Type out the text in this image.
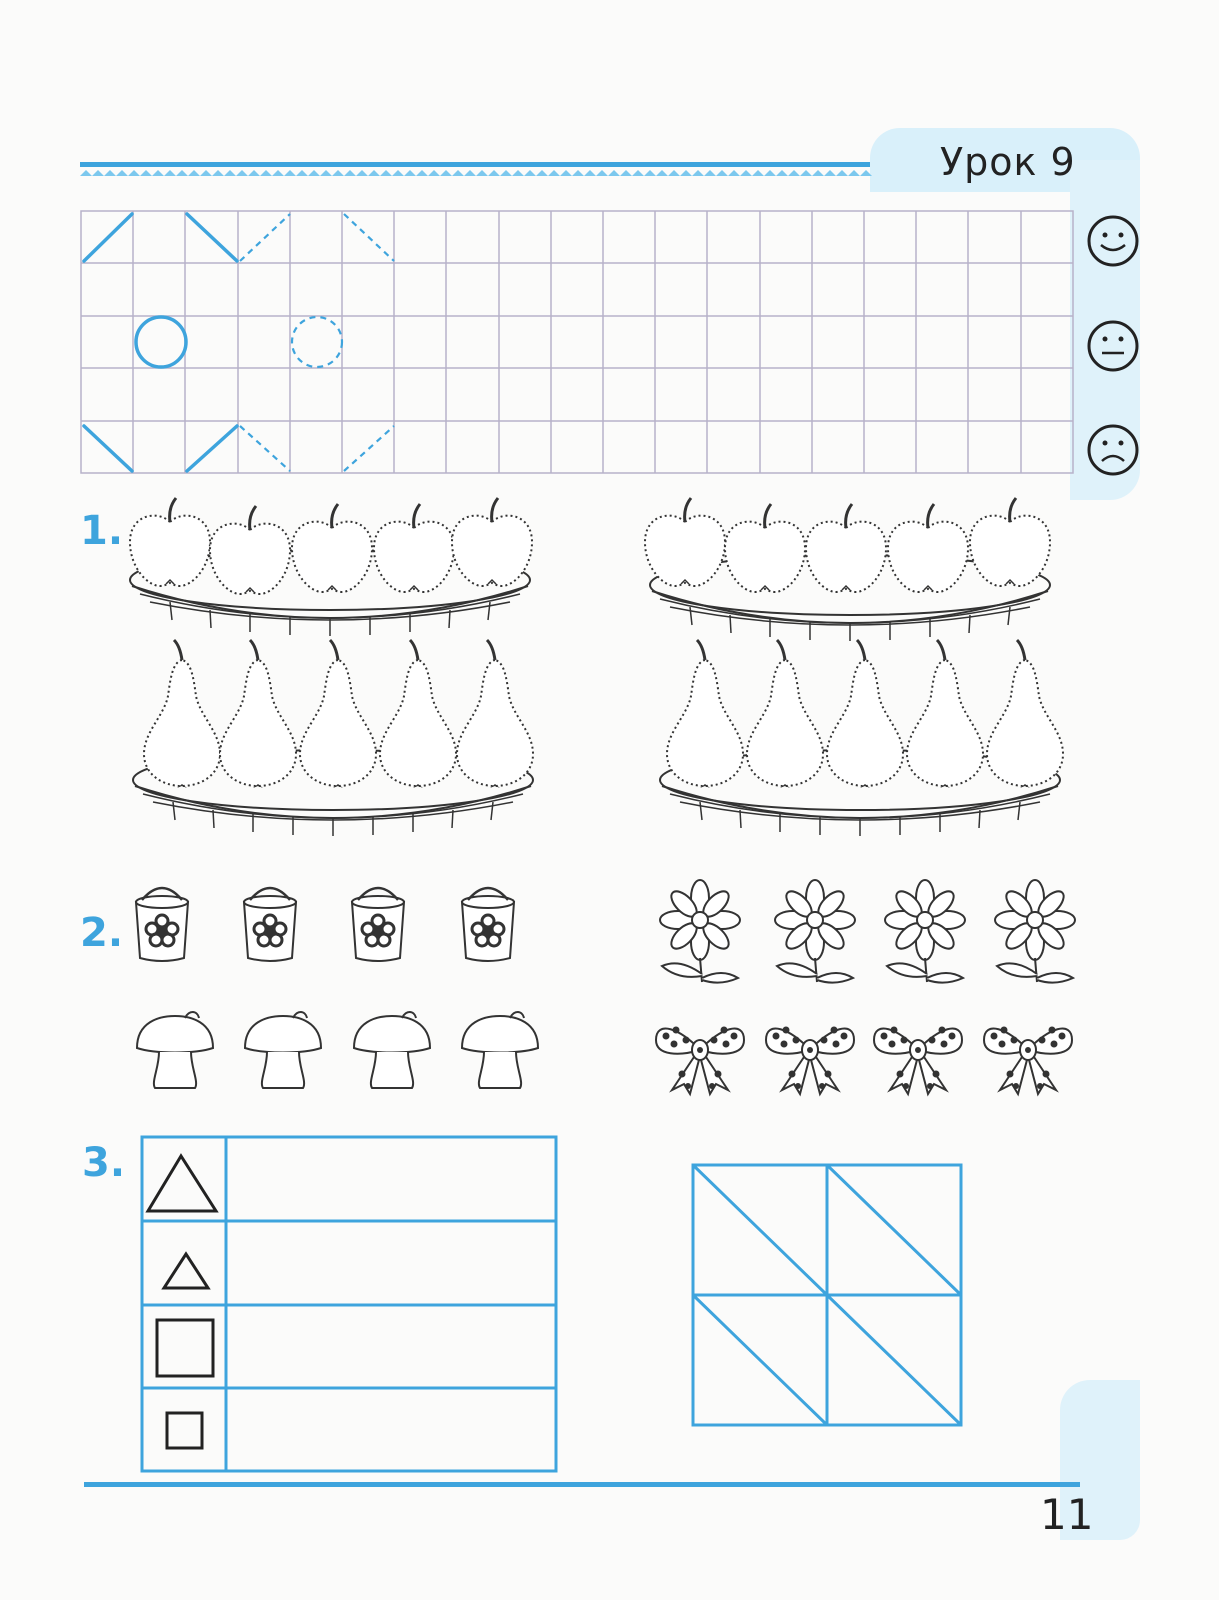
Урок 9
1.
2.
3.
11
